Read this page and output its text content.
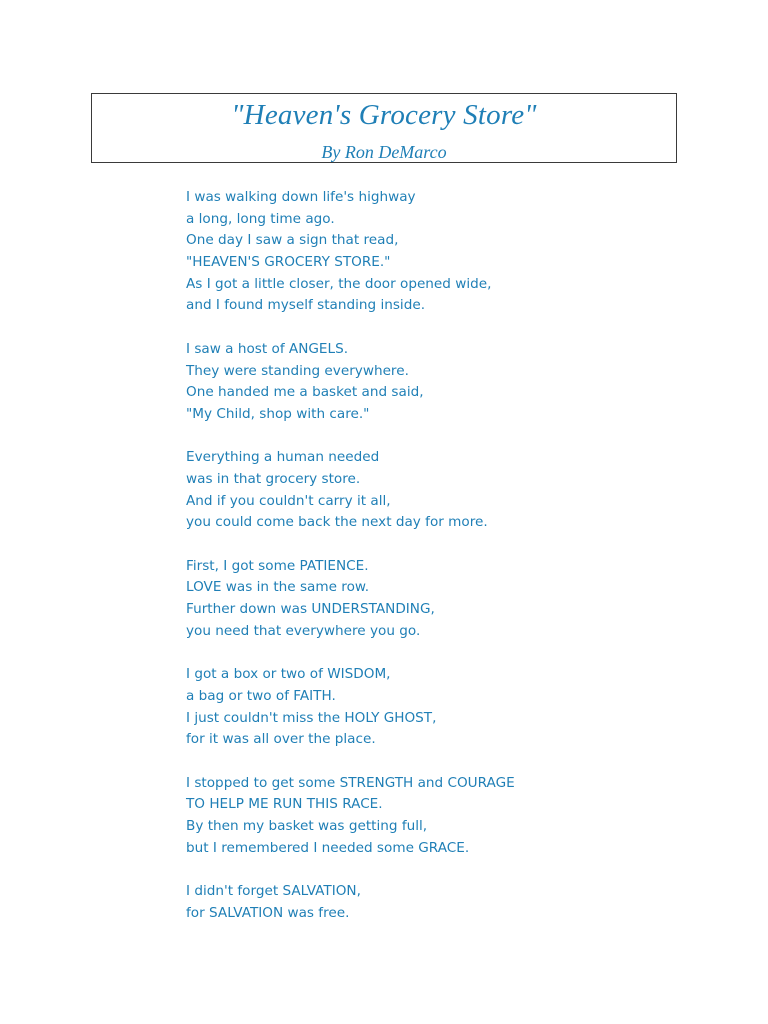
"Heaven's Grocery Store"
By Ron DeMarco
I was walking down life's highway
a long, long time ago.
One day I saw a sign that read,
"HEAVEN'S GROCERY STORE."
As I got a little closer, the door opened wide,
and I found myself standing inside.
I saw a host of ANGELS.
They were standing everywhere.
One handed me a basket and said,
"My Child, shop with care."
Everything a human needed
was in that grocery store.
And if you couldn't carry it all,
you could come back the next day for more.
First, I got some PATIENCE.
LOVE was in the same row.
Further down was UNDERSTANDING,
you need that everywhere you go.
I got a box or two of WISDOM,
a bag or two of FAITH.
I just couldn't miss the HOLY GHOST,
for it was all over the place.
I stopped to get some STRENGTH and COURAGE
TO HELP ME RUN THIS RACE.
By then my basket was getting full,
but I remembered I needed some GRACE.
I didn't forget SALVATION,
for SALVATION was free.
